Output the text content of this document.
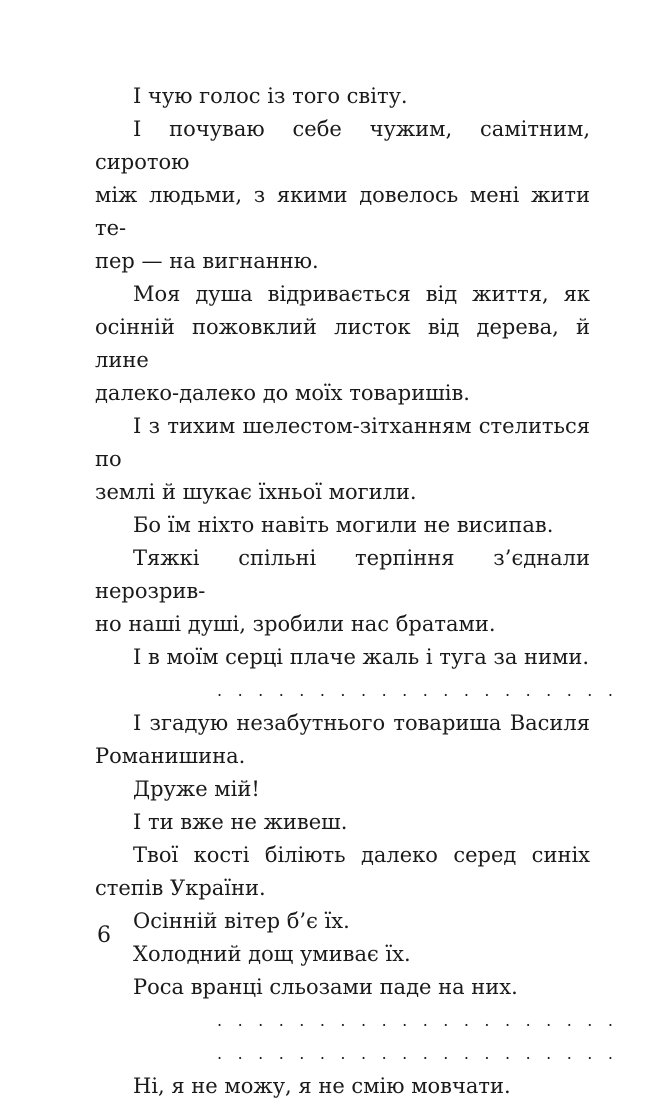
І чую голос із того світу.

І почуваю себе чужим, самітним, сиротою
між людьми, з якими довелось мені жити те-
пер — на вигнанню.

Моя душа відривається від життя, як
осінній пожовклий листок від дерева, й лине
далеко-далеко до моїх товаришів.

І з тихим шелестом-зітханням стелиться по
землі й шукає їхньої могили.

Бо їм ніхто навіть могили не висипав.

Тяжкі спільні терпіння з’єднали нерозрив-
но наші душі, зробили нас братами.

І в моїм серці плаче жаль і туга за ними.

. . . . . . . . . . . . . . . . . . . .

І згадую незабутнього товариша Василя
Романишина.

Друже мій!

І ти вже не живеш.

Твої кості біліють далеко серед синіх
степів України.

Осінній вітер б’є їх.

Холодний дощ умиває їх.

Роса вранці сльозами паде на них.

. . . . . . . . . . . . . . . . . . . .

. . . . . . . . . . . . . . . . . . . .

Ні, я не можу, я не смію мовчати.

6
